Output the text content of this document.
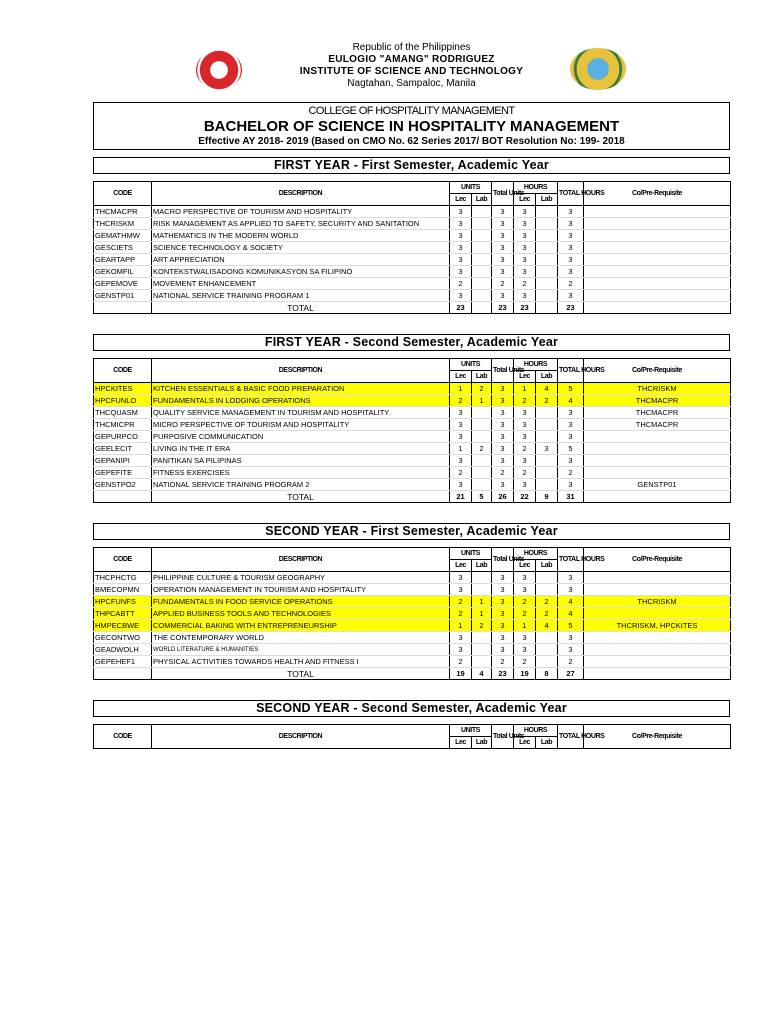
Republic of the Philippines
EULOGIO "AMANG" RODRIGUEZ
INSTITUTE OF SCIENCE AND TECHNOLOGY
Nagtahan, Sampaloc, Manila
COLLEGE OF HOSPITALITY MANAGEMENT
BACHELOR OF SCIENCE IN HOSPITALITY MANAGEMENT
Effective AY 2018- 2019 (Based on CMO No. 62 Series 2017/ BOT Resolution No: 199- 2018
FIRST YEAR - First Semester, Academic Year
CODE	DESCRIPTION	UNITS		Total Units	HOURS		TOTAL HOURS	Co/Pre-Requisite
		Lec	Lab		Lec	Lab		
THCMACPR	MACRO PERSPECTIVE OF TOURISM AND HOSPITALITY	3		3	3		3	
THCRISKM	RISK MANAGEMENT AS APPLIED TO SAFETY, SECURITY AND SANITATION	3		3	3		3	
GEMATHMW	MATHEMATICS IN THE MODERN WORLD	3		3	3		3	
GESCIETS	SCIENCE TECHNOLOGY & SOCIETY	3		3	3		3	
GEARTAPP	ART APPRECIATION	3		3	3		3	
GEKOMFIL	KONTEKSTWALISADONG KOMUNIKASYON SA FILIPINO	3		3	3		3	
GEPEMOVE	MOVEMENT ENHANCEMENT	2		2	2		2	
GENSTP01	NATIONAL SERVICE TRAINING PROGRAM 1	3		3	3		3	
	TOTAL	23		23	23		23	
FIRST YEAR - Second Semester, Academic Year
CODE	DESCRIPTION	UNITS		Total Units	HOURS		TOTAL HOURS	Co/Pre-Requisite
		Lec	Lab		Lec	Lab		
HPCKITES	KITCHEN ESSENTIALS & BASIC FOOD PREPARATION	1	2	3	1	4	5	THCRISKM
HPCFUNLO	FUNDAMENTALS IN LODGING OPERATIONS	2	1	3	2	2	4	THCMACPR
THCQUASM	QUALITY SERVICE MANAGEMENT IN TOURISM AND HOSPITALITY	3		3	3		3	THCMACPR
THCMICPR	MICRO PERSPECTIVE OF TOURISM AND HOSPITALITY	3		3	3		3	THCMACPR
GEPURPCO	PURPOSIVE COMMUNICATION	3		3	3		3	
GEELECIT	LIVING IN THE IT ERA	1	2	3	2	3	5	
GEPANIPI	PANITIKAN SA PILIPINAS	3		3	3		3	
GEPEFITE	FITNESS EXERCISES	2		2	2		2	
GENSTPO2	NATIONAL SERVICE TRAINING PROGRAM 2	3		3	3		3	GENSTP01
	TOTAL	21	5	26	22	9	31	
SECOND YEAR - First Semester, Academic Year
CODE	DESCRIPTION	UNITS		Total Units	HOURS		TOTAL HOURS	Co/Pre-Requisite
		Lec	Lab		Lec	Lab		
THCPHCTG	PHILIPPINE CULTURE & TOURISM GEOGRAPHY	3		3	3		3	
BMECOPMN	OPERATION MANAGEMENT IN TOURISM AND HOSPITALITY	3		3	3		3	
HPCFUNFS	FUNDAMENTALS IN FOOD SERVICE OPERATIONS	2	1	3	2	2	4	THCRISKM
THPCABTT	APPLIED BUSINESS TOOLS AND TECHNOLOGIES	2	1	3	2	2	4	
HMPECBWE	COMMERCIAL BAKING WITH ENTREPRENEURSHIP	1	2	3	1	4	5	THCRISKM, HPCKITES
GECONTWO	THE CONTEMPORARY WORLD	3		3	3		3	
GEADWOLH	WORLD LITERATURE & HUMANITIES	3		3	3		3	
GEPEHEF1	PHYSICAL ACTIVITIES TOWARDS HEALTH AND FITNESS I	2		2	2		2	
	TOTAL	19	4	23	19	8	27	
SECOND YEAR - Second Semester, Academic Year
CODE	DESCRIPTION	UNITS		Total Units	HOURS		TOTAL HOURS	Co/Pre-Requisite
		Lec	Lab		Lec	Lab		
